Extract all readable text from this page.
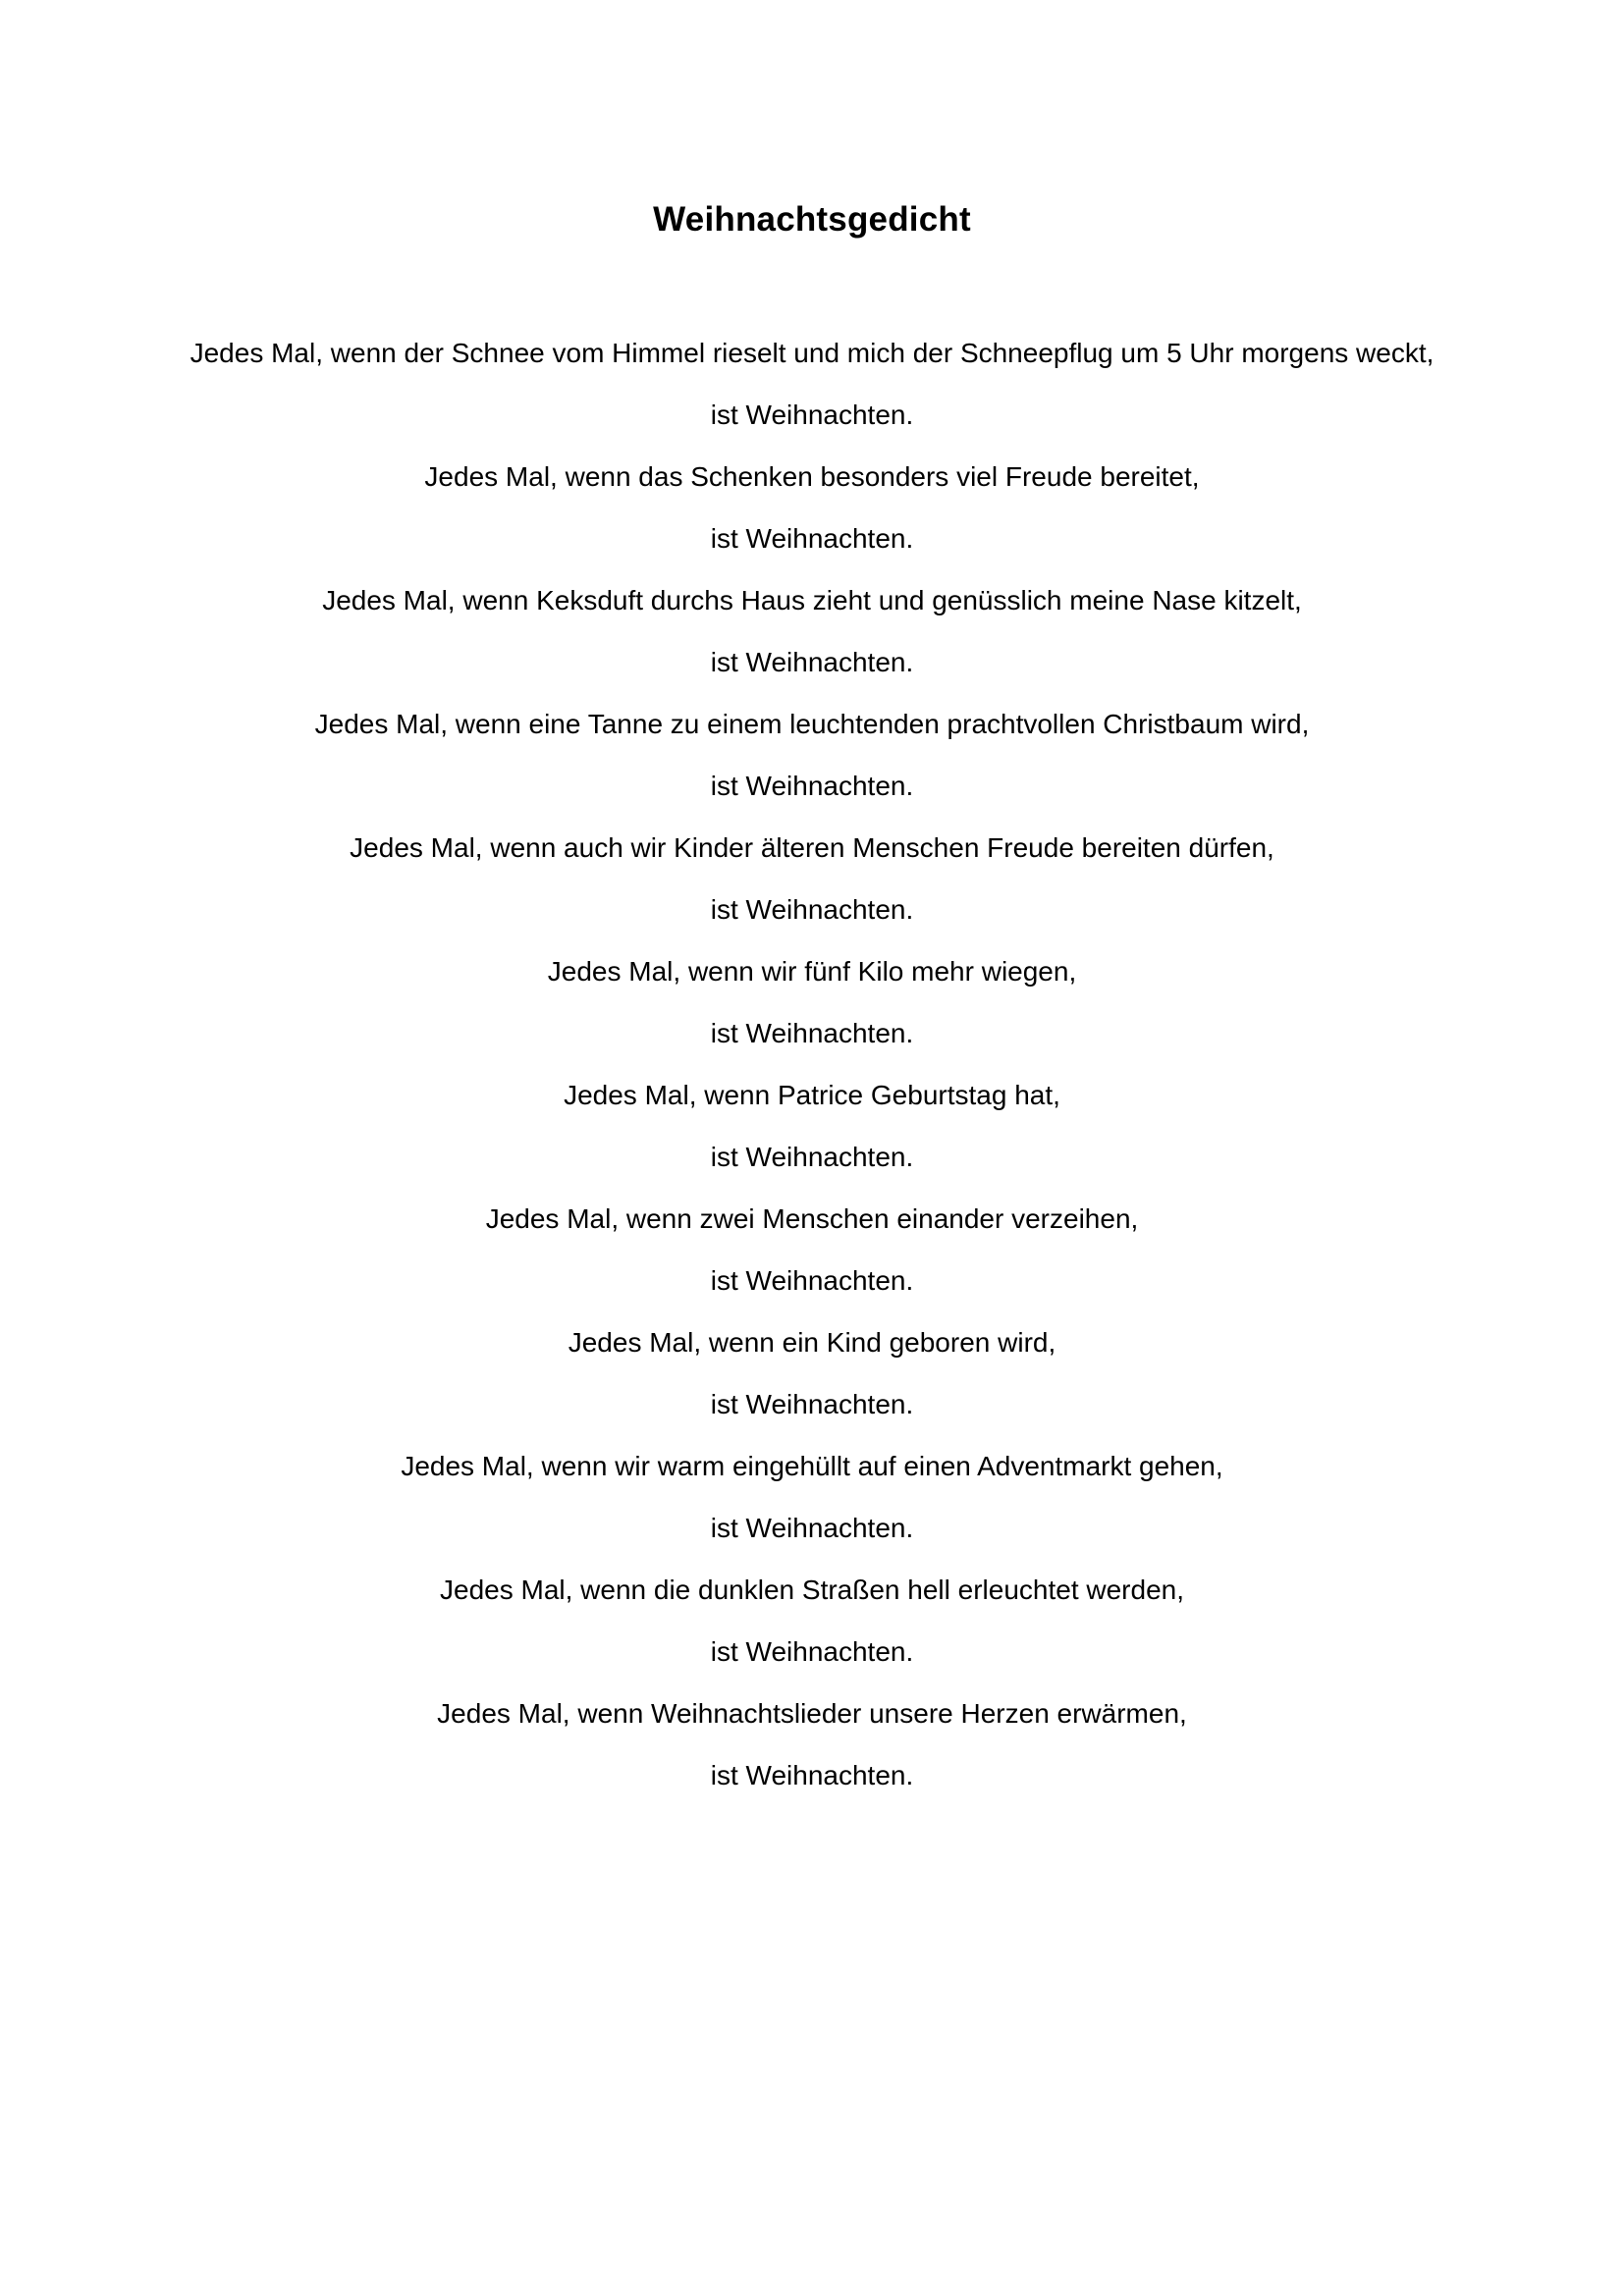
Weihnachtsgedicht
Jedes Mal, wenn der Schnee vom Himmel rieselt und mich der Schneepflug um 5 Uhr morgens weckt,
ist Weihnachten.
Jedes Mal, wenn das Schenken besonders viel Freude bereitet,
ist Weihnachten.
Jedes Mal, wenn Keksduft durchs Haus zieht und genüsslich meine Nase kitzelt,
ist Weihnachten.
Jedes Mal, wenn eine Tanne zu einem leuchtenden prachtvollen Christbaum wird,
ist Weihnachten.
Jedes Mal, wenn auch wir Kinder älteren Menschen Freude bereiten dürfen,
ist Weihnachten.
Jedes Mal, wenn wir fünf Kilo mehr wiegen,
ist Weihnachten.
Jedes Mal, wenn Patrice Geburtstag hat,
ist Weihnachten.
Jedes Mal, wenn zwei Menschen einander verzeihen,
ist Weihnachten.
Jedes Mal, wenn ein Kind geboren wird,
ist Weihnachten.
Jedes Mal, wenn wir warm eingehüllt auf einen Adventmarkt gehen,
ist Weihnachten.
Jedes Mal, wenn die dunklen Straßen hell erleuchtet werden,
ist Weihnachten.
Jedes Mal, wenn Weihnachtslieder unsere Herzen erwärmen,
ist Weihnachten.
